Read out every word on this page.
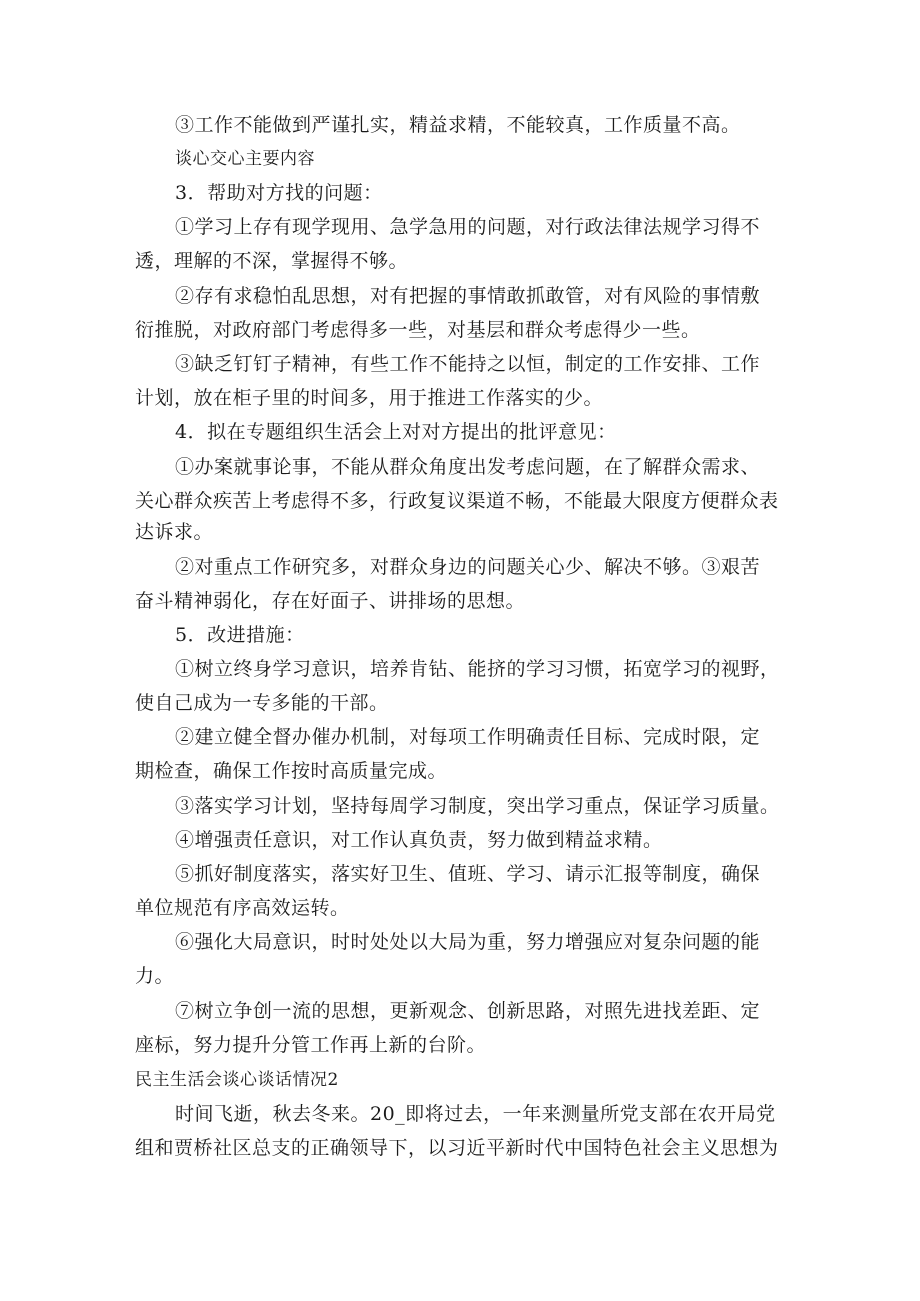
③工作不能做到严谨扎实，精益求精，不能较真，工作质量不高。
谈心交心主要内容
3．帮助对方找的问题：
①学习上存有现学现用、急学急用的问题，对行政法律法规学习得不
透，理解的不深，掌握得不够。
②存有求稳怕乱思想，对有把握的事情敢抓敢管，对有风险的事情敷
衍推脱，对政府部门考虑得多一些，对基层和群众考虑得少一些。
③缺乏钉钉子精神，有些工作不能持之以恒，制定的工作安排、工作
计划，放在柜子里的时间多，用于推进工作落实的少。
4．拟在专题组织生活会上对对方提出的批评意见：
①办案就事论事，不能从群众角度出发考虑问题，在了解群众需求、
关心群众疾苦上考虑得不多，行政复议渠道不畅，不能最大限度方便群众表
达诉求。
②对重点工作研究多，对群众身边的问题关心少、解决不够。③艰苦
奋斗精神弱化，存在好面子、讲排场的思想。
5．改进措施：
①树立终身学习意识，培养肯钻、能挤的学习习惯，拓宽学习的视野，
使自己成为一专多能的干部。
②建立健全督办催办机制，对每项工作明确责任目标、完成时限，定
期检查，确保工作按时高质量完成。
③落实学习计划，坚持每周学习制度，突出学习重点，保证学习质量。
④增强责任意识，对工作认真负责，努力做到精益求精。
⑤抓好制度落实，落实好卫生、值班、学习、请示汇报等制度，确保
单位规范有序高效运转。
⑥强化大局意识，时时处处以大局为重，努力增强应对复杂问题的能
力。
⑦树立争创一流的思想，更新观念、创新思路，对照先进找差距、定
座标，努力提升分管工作再上新的台阶。
民主生活会谈心谈话情况2
时间飞逝，秋去冬来。20_即将过去，一年来测量所党支部在农开局党
组和贾桥社区总支的正确领导下，以习近平新时代中国特色社会主义思想为
